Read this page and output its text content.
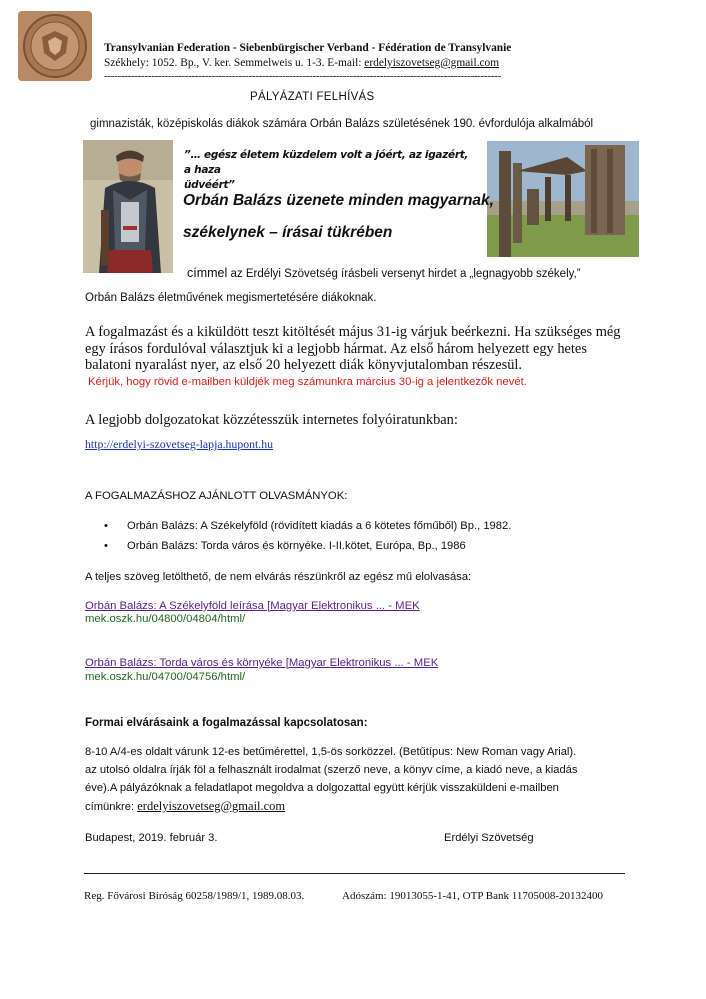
Transylvanian Federation - Siebenbürgischer Verband - Fédération de Transylvanie
Székhely: 1052. Bp., V. ker. Semmelweis u. 1-3. E-mail: erdelyiszovetseg@gmail.com
----------------------------------------------------------------------------------------------------------------------
PÁLYÁZATI FELHÍVÁS
gimnazisták, középiskolás diákok számára Orbán Balázs születésének 190. évfordulója alkalmából
”… egész életem küzdelem volt a jóért, az igazért, a haza
üdvéért”
Orbán Balázs üzenete minden magyarnak,
székelynek – írásai tükrében
címmel az Erdélyi Szövetség írásbeli versenyt hirdet a „legnagyobb székely,”
Orbán Balázs életművének megismertetésére diákoknak.
A fogalmazást és a kiküldött teszt kitöltését május 31-ig várjuk beérkezni. Ha szükséges még egy írásos fordulóval választjuk ki a legjobb hármat. Az első három helyezett egy hetes balatoni nyaralást nyer, az első 20 helyezett diák könyvjutalomban részesül.
Kérjük, hogy rövid e-mailben küldjék meg számunkra március 30-ig a jelentkezők nevét.
A legjobb dolgozatokat közzétesszük internetes folyóiratunkban:
http://erdelyi-szovetseg-lapja.hupont.hu
A FOGALMAZÁSHOZ AJÁNLOTT OLVASMÁNYOK:
• Orbán Balázs: A Székelyföld (rövidített kiadás a 6 kötetes főműből) Bp., 1982.
• Orbán Balázs: Torda város és környéke. I-II.kötet, Európa, Bp., 1986
A teljes szöveg letölthető, de nem elvárás részünkről az egész mű elolvasása:
Orbán Balázs: A Székelyföld leírása [Magyar Elektronikus ... - MEK
mek.oszk.hu/04800/04804/html/
Orbán Balázs: Torda város és környéke [Magyar Elektronikus ... - MEK
mek.oszk.hu/04700/04756/html/
Formai elvárásaink a fogalmazással kapcsolatosan:
8-10 A/4-es oldalt várunk 12-es betűmérettel, 1,5-ös sorközzel. (Betűtípus: New Roman vagy Arial).
az utolsó oldalra írják föl a felhasznált irodalmat (szerző neve, a könyv címe, a kiadó neve, a kiadás
éve).A pályázóknak a feladatlapot megoldva a dolgozattal együtt kérjük visszaküldeni e-mailben
címünkre: erdelyiszovetseg@gmail.com
Budapest, 2019. február 3.	Erdélyi Szövetség
Reg. Fővárosi Bíróság 60258/1989/1, 1989.08.03.	Adószám: 19013055-1-41, OTP Bank 11705008-20132400
